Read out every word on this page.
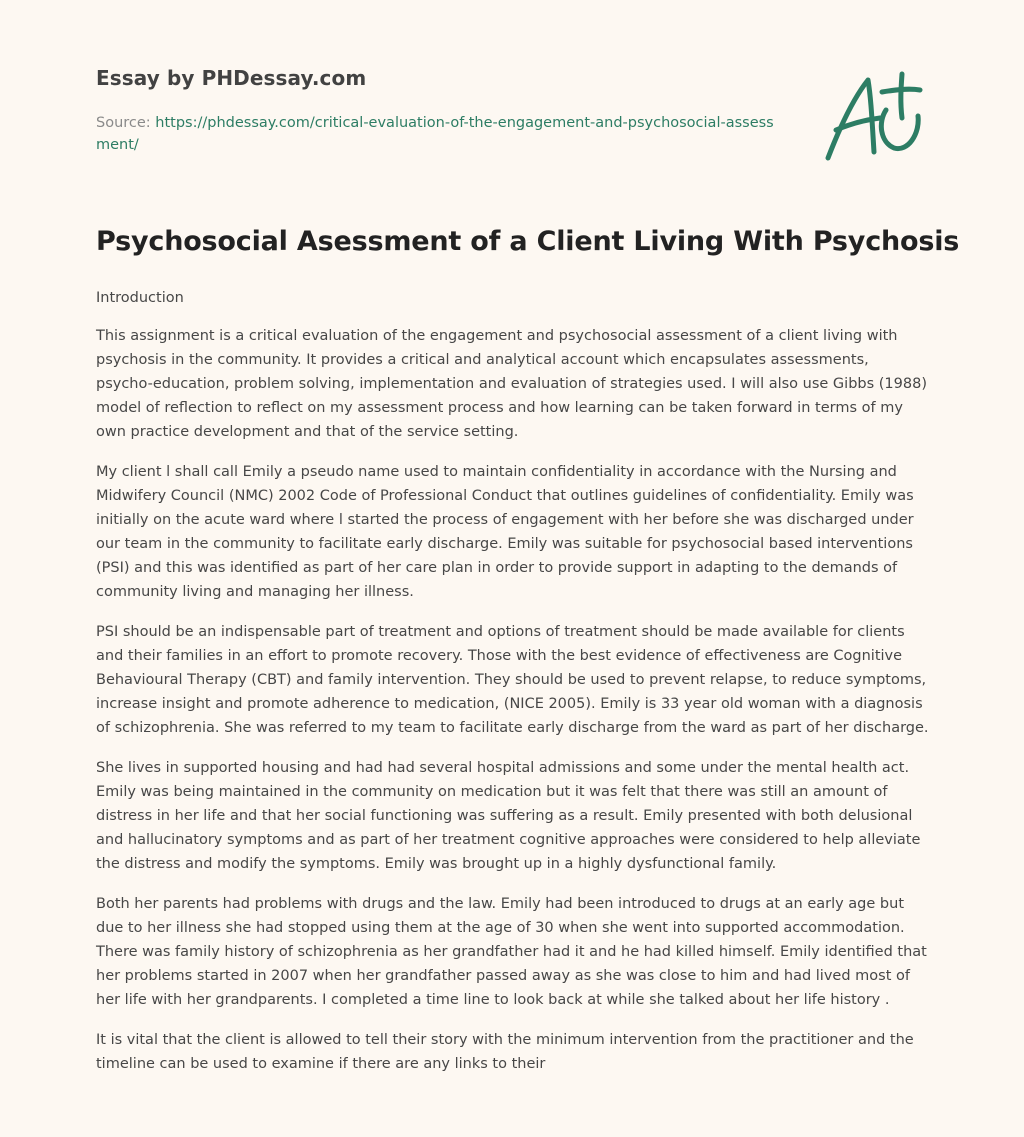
Essay by PHDessay.com

Source: https://phdessay.com/critical-evaluation-of-the-engagement-and-psychosocial-assessment/

A+
Psychosocial Asessment of a Client Living With Psychosis

Introduction

This assignment is a critical evaluation of the engagement and psychosocial assessment of a client living with psychosis in the community. It provides a critical and analytical account which encapsulates assessments, psycho-education, problem solving, implementation and evaluation of strategies used. I will also use Gibbs (1988) model of reflection to reflect on my assessment process and how learning can be taken forward in terms of my own practice development and that of the service setting.

My client l shall call Emily a pseudo name used to maintain confidentiality in accordance with the Nursing and Midwifery Council (NMC) 2002 Code of Professional Conduct that outlines guidelines of confidentiality. Emily was initially on the acute ward where l started the process of engagement with her before she was discharged under our team in the community to facilitate early discharge. Emily was suitable for psychosocial based interventions (PSI) and this was identified as part of her care plan in order to provide support in adapting to the demands of community living and managing her illness.

PSI should be an indispensable part of treatment and options of treatment should be made available for clients and their families in an effort to promote recovery. Those with the best evidence of effectiveness are Cognitive Behavioural Therapy (CBT) and family intervention. They should be used to prevent relapse, to reduce symptoms, increase insight and promote adherence to medication, (NICE 2005). Emily is 33 year old woman with a diagnosis of schizophrenia. She was referred to my team to facilitate early discharge from the ward as part of her discharge.

She lives in supported housing and had had several hospital admissions and some under the mental health act. Emily was being maintained in the community on medication but it was felt that there was still an amount of distress in her life and that her social functioning was suffering as a result. Emily presented with both delusional and hallucinatory symptoms and as part of her treatment cognitive approaches were considered to help alleviate the distress and modify the symptoms. Emily was brought up in a highly dysfunctional family.

Both her parents had problems with drugs and the law. Emily had been introduced to drugs at an early age but due to her illness she had stopped using them at the age of 30 when she went into supported accommodation. There was family history of schizophrenia as her grandfather had it and he had killed himself. Emily identified that her problems started in 2007 when her grandfather passed away as she was close to him and had lived most of her life with her grandparents. I completed a time line to look back at while she talked about her life history .

It is vital that the client is allowed to tell their story with the minimum intervention from the practitioner and the timeline can be used to examine if there are any links to their
